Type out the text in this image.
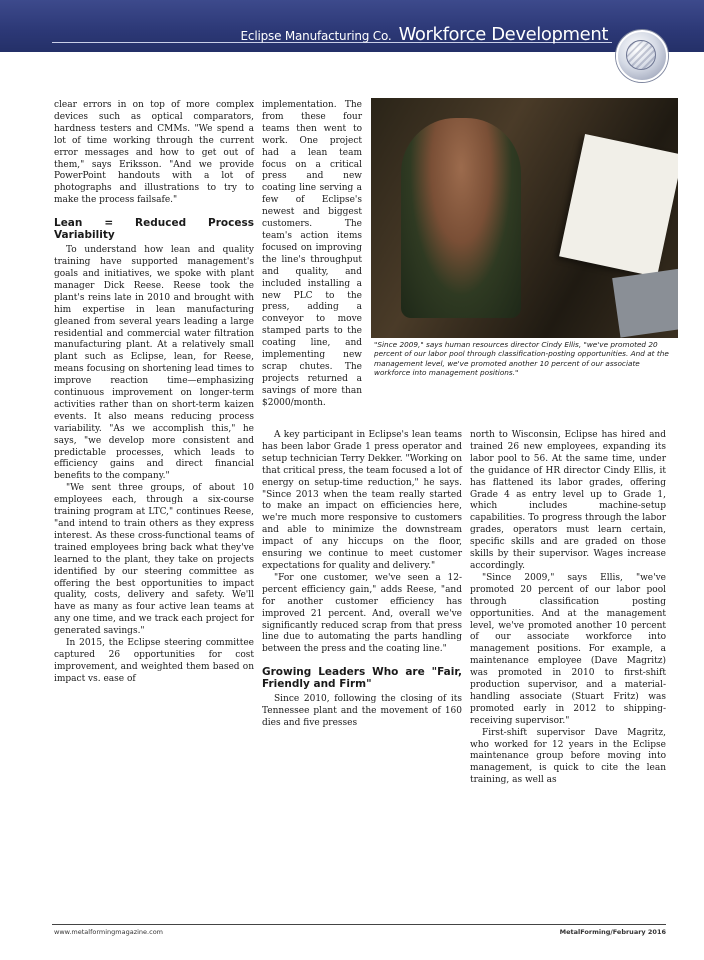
Eclipse Manufacturing Co. Workforce Development

clear errors in on top of more complex devices such as optical comparators, hardness testers and CMMs. "We spend a lot of time working through the current error messages and how to get out of them," says Eriksson. "And we provide PowerPoint handouts with a lot of photographs and illustrations to try to make the process failsafe."

Lean = Reduced Process Variability

To understand how lean and quality training have supported management's goals and initiatives, we spoke with plant manager Dick Reese. Reese took the plant's reins late in 2010 and brought with him expertise in lean manufacturing gleaned from several years leading a large residential and commercial water filtration manufacturing plant. At a relatively small plant such as Eclipse, lean, for Reese, means focusing on shortening lead times to improve reaction time—emphasizing continuous improvement on longer-term activities rather than on short-term kaizen events. It also means reducing process variability. "As we accomplish this," he says, "we develop more consistent and predictable processes, which leads to efficiency gains and direct financial benefits to the company."

"We sent three groups, of about 10 employees each, through a six-course training program at LTC," continues Reese, "and intend to train others as they express interest. As these cross-functional teams of trained employees bring back what they've learned to the plant, they take on projects identified by our steering committee as offering the best opportunities to impact quality, costs, delivery and safety. We'll have as many as four active lean teams at any one time, and we track each project for generated savings."

In 2015, the Eclipse steering committee captured 26 opportunities for cost improvement, and weighted them based on impact vs. ease of

"Since 2009," says human resources director Cindy Ellis, "we've promoted 20 percent of our labor pool through classification-posting opportunities. And at the management level, we've promoted another 10 percent of our associate workforce into management positions."

implementation. The from these four teams then went to work. One project had a lean team focus on a critical press and new coating line serving a few of Eclipse's newest and biggest customers. The team's action items focused on improving the line's throughput and quality, and included installing a new PLC to the press, adding a conveyor to move stamped parts to the coating line, and implementing new scrap chutes. The projects returned a savings of more than $2000/month.

A key participant in Eclipse's lean teams has been labor Grade 1 press operator and setup technician Terry Dekker. "Working on that critical press, the team focused a lot of energy on setup-time reduction," he says. "Since 2013 when the team really started to make an impact on efficiencies here, we're much more responsive to customers and able to minimize the downstream impact of any hiccups on the floor, ensuring we continue to meet customer expectations for quality and delivery."

"For one customer, we've seen a 12-percent efficiency gain," adds Reese, "and for another customer efficiency has improved 21 percent. And, overall we've significantly reduced scrap from that press line due to automating the parts handling between the press and the coating line."

Growing Leaders Who are "Fair, Friendly and Firm"

Since 2010, following the closing of its Tennessee plant and the movement of 160 dies and five presses

north to Wisconsin, Eclipse has hired and trained 26 new employees, expanding its labor pool to 56. At the same time, under the guidance of HR director Cindy Ellis, it has flattened its labor grades, offering Grade 4 as entry level up to Grade 1, which includes machine-setup capabilities. To progress through the labor grades, operators must learn certain, specific skills and are graded on those skills by their supervisor. Wages increase accordingly.

"Since 2009," says Ellis, "we've promoted 20 percent of our labor pool through classification posting opportunities. And at the management level, we've promoted another 10 percent of our associate workforce into management positions. For example, a maintenance employee (Dave Magritz) was promoted in 2010 to first-shift production supervisor, and a material-handling associate (Stuart Fritz) was promoted early in 2012 to shipping-receiving supervisor."

First-shift supervisor Dave Magritz, who worked for 12 years in the Eclipse maintenance group before moving into management, is quick to cite the lean training, as well as

www.metalformingmagazine.com	MetalForming/February 2016
